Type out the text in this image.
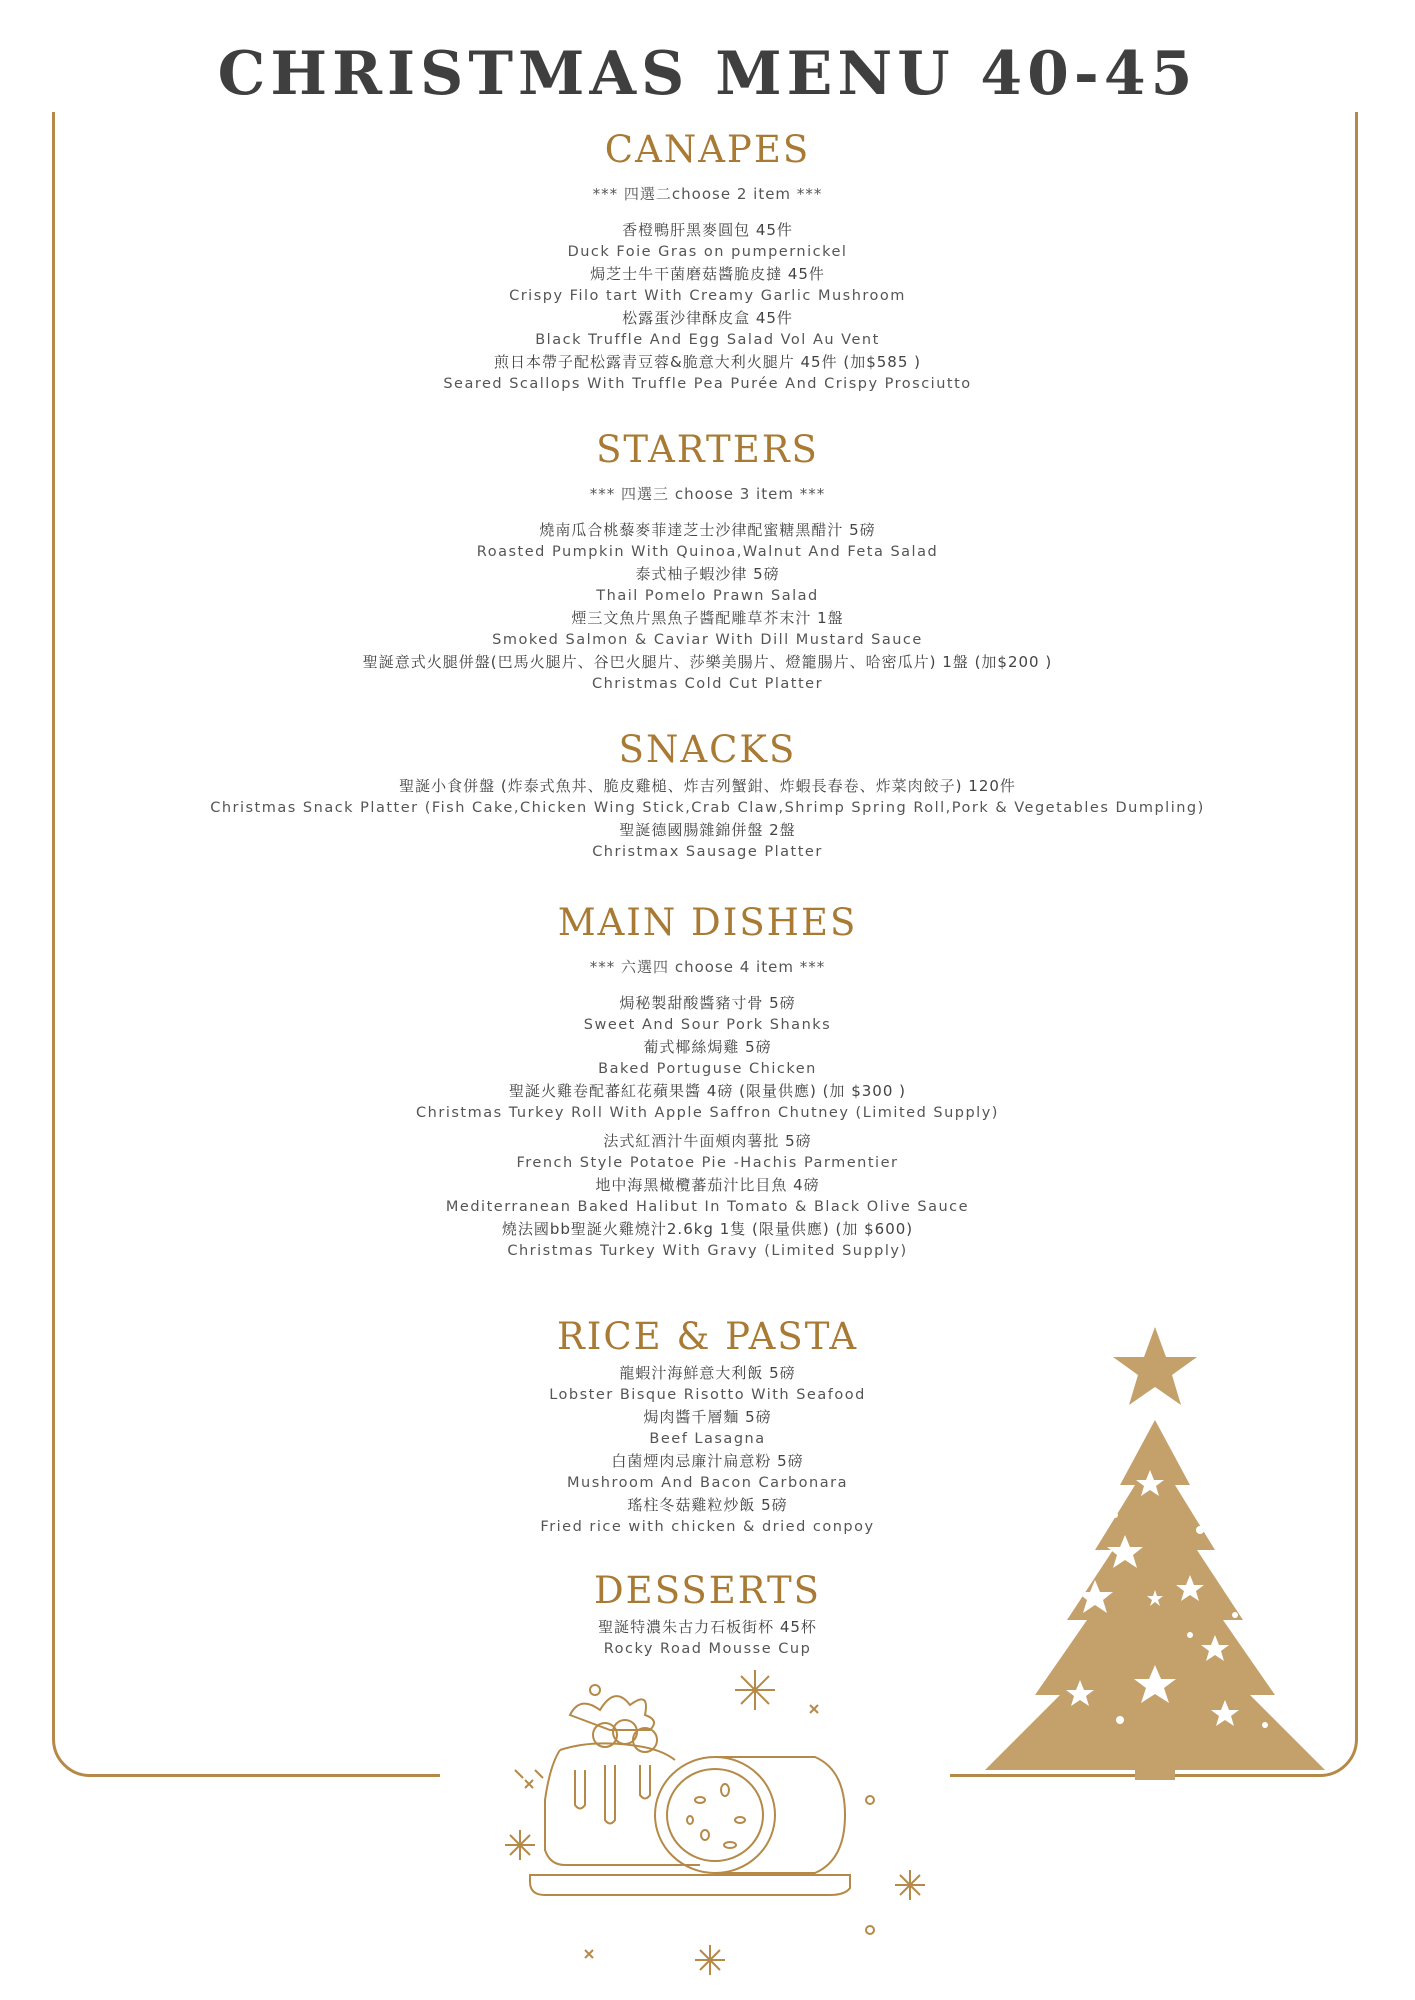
CHRISTMAS MENU 40-45
CANAPES
*** 四選二choose 2 item ***
香橙鴨肝黑麥圓包 45件
Duck Foie Gras on pumpernickel
焗芝士牛干菌磨菇醬脆皮撻 45件
Crispy Filo tart With Creamy Garlic Mushroom
松露蛋沙律酥皮盒 45件
Black Truffle And Egg Salad Vol Au Vent
煎日本帶子配松露青豆蓉&脆意大利火腿片 45件 (加$585 )
Seared Scallops With Truffle Pea Purée And Crispy Prosciutto
STARTERS
*** 四選三 choose 3 item ***
燒南瓜合桃藜麥菲達芝士沙律配蜜糖黑醋汁 5磅
Roasted Pumpkin With Quinoa,Walnut And Feta Salad
泰式柚子蝦沙律 5磅
Thail Pomelo Prawn Salad
煙三文魚片黑魚子醬配雕草芥末汁 1盤
Smoked Salmon & Caviar With Dill Mustard Sauce
聖誕意式火腿併盤(巴馬火腿片、谷巴火腿片、莎樂美腸片、燈籠腸片、哈密瓜片) 1盤 (加$200 )
Christmas Cold Cut Platter
SNACKS
聖誕小食併盤 (炸泰式魚丼、脆皮雞槌、炸吉列蟹鉗、炸蝦長春卷、炸菜肉餃子) 120件
Christmas Snack Platter (Fish Cake,Chicken Wing Stick,Crab Claw,Shrimp Spring Roll,Pork & Vegetables Dumpling)
聖誕德國腸雜錦併盤 2盤
Christmax Sausage Platter
MAIN DISHES
*** 六選四 choose 4 item ***
焗秘製甜酸醬豬寸骨 5磅
Sweet And Sour Pork Shanks
葡式椰絲焗雞 5磅
Baked Portuguse Chicken
聖誕火雞卷配蕃紅花蘋果醬 4磅 (限量供應) (加 $300 )
Christmas Turkey Roll With Apple Saffron Chutney (Limited Supply)
法式紅酒汁牛面頰肉薯批 5磅
French Style Potatoe Pie -Hachis Parmentier
地中海黑橄欖蕃茄汁比目魚 4磅
Mediterranean Baked Halibut In Tomato & Black Olive Sauce
燒法國bb聖誕火雞燒汁2.6kg 1隻 (限量供應) (加 $600)
Christmas Turkey With Gravy (Limited Supply)
RICE & PASTA
龍蝦汁海鮮意大利飯 5磅
Lobster Bisque Risotto With Seafood
焗肉醬千層麵 5磅
Beef Lasagna
白菌煙肉忌廉汁扁意粉 5磅
Mushroom And Bacon Carbonara
瑤柱冬菇雞粒炒飯 5磅
Fried rice with chicken & dried conpoy
DESSERTS
聖誕特濃朱古力石板街杯 45杯
Rocky Road Mousse Cup
